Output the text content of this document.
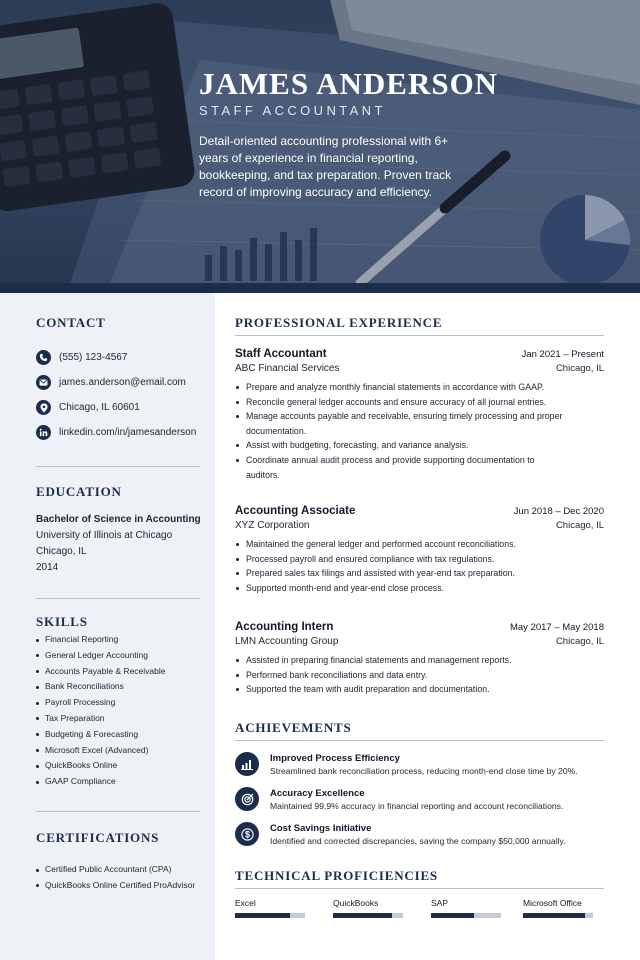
JAMES ANDERSON
STAFF ACCOUNTANT
Detail-oriented accounting professional with 6+ years of experience in financial reporting, bookkeeping, and tax preparation. Proven track record of improving accuracy and efficiency.
CONTACT
(555) 123-4567
james.anderson@email.com
Chicago, IL 60601
linkedin.com/in/jamesanderson
EDUCATION
Bachelor of Science in Accounting
University of Illinois at Chicago
Chicago, IL
2014
SKILLS
Financial Reporting
General Ledger Accounting
Accounts Payable & Receivable
Bank Reconciliations
Payroll Processing
Tax Preparation
Budgeting & Forecasting
Microsoft Excel (Advanced)
QuickBooks Online
GAAP Compliance
CERTIFICATIONS
Certified Public Accountant (CPA)
QuickBooks Online Certified ProAdvisor
PROFESSIONAL EXPERIENCE
Staff Accountant	Jan 2021 – Present
ABC Financial Services	Chicago, IL
Prepare and analyze monthly financial statements in accordance with GAAP.
Reconcile general ledger accounts and ensure accuracy of all journal entries.
Manage accounts payable and receivable, ensuring timely processing and proper documentation.
Assist with budgeting, forecasting, and variance analysis.
Coordinate annual audit process and provide supporting documentation to auditors.
Accounting Associate	Jun 2018 – Dec 2020
XYZ Corporation	Chicago, IL
Maintained the general ledger and performed account reconciliations.
Processed payroll and ensured compliance with tax regulations.
Prepared sales tax filings and assisted with year-end tax preparation.
Supported month-end and year-end close process.
Accounting Intern	May 2017 – May 2018
LMN Accounting Group	Chicago, IL
Assisted in preparing financial statements and management reports.
Performed bank reconciliations and data entry.
Supported the team with audit preparation and documentation.
ACHIEVEMENTS
Improved Process Efficiency
Streamlined bank reconciliation process, reducing month-end close time by 20%.
Accuracy Excellence
Maintained 99.9% accuracy in financial reporting and account reconciliations.
$
Cost Savings Initiative
Identified and corrected discrepancies, saving the company $50,000 annually.
TECHNICAL PROFICIENCIES
Excel	QuickBooks	SAP	Microsoft Office
